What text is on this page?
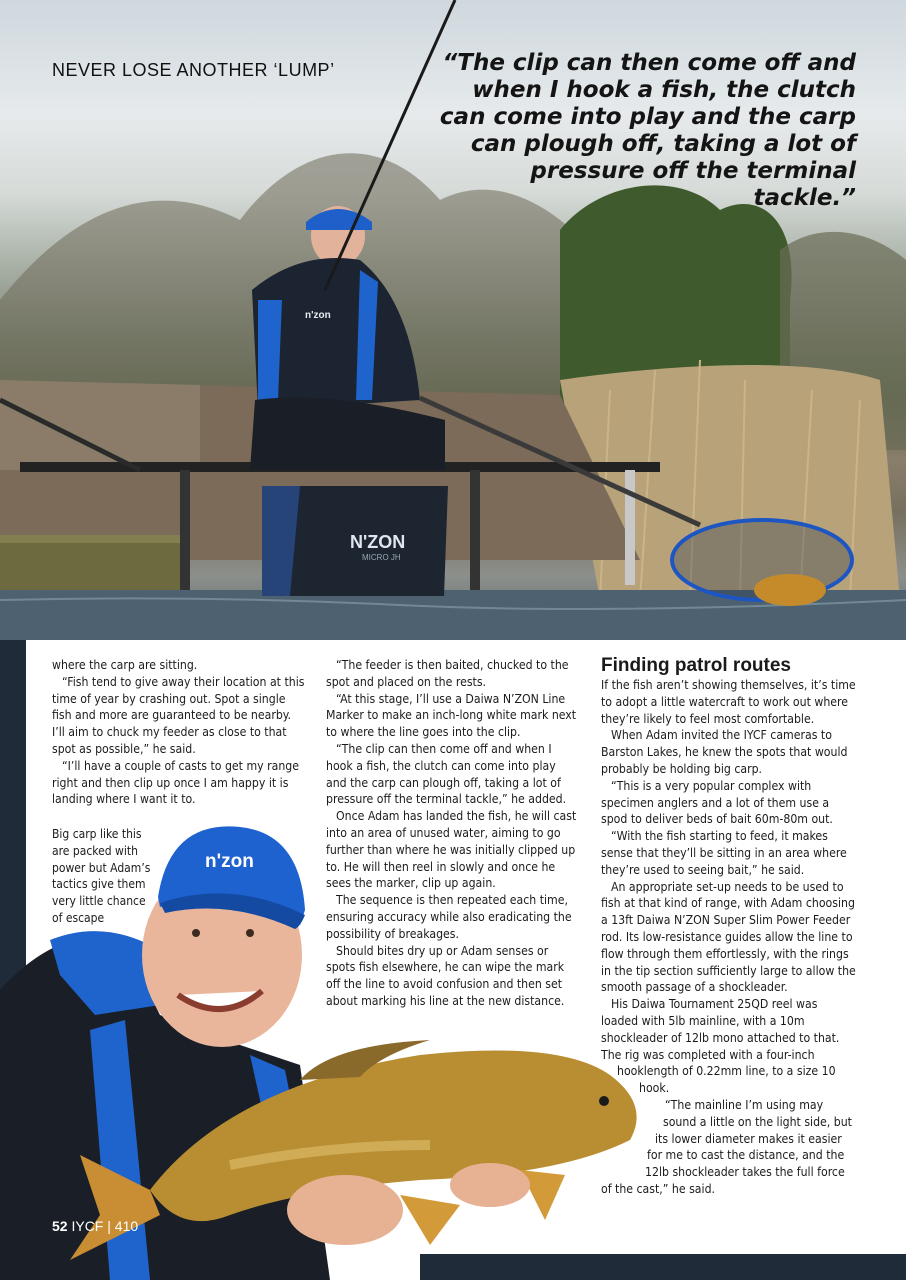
N'ZON
MICRO JH
n'zon
NEVER LOSE ANOTHER ‘LUMP’	“The clip can then come off and when I hook a fish, the clutch can come into play and the carp can plough off, taking a lot of pressure off the terminal tackle.”

where the carp are sitting.

“Fish tend to give away their location at this time of year by crashing out. Spot a single fish and more are guaranteed to be nearby. I’ll aim to chuck my feeder as close to that spot as possible,” he said.

“I’ll have a couple of casts to get my range right and then clip up once I am happy it is landing where I want it to.

n'zon
Big carp like this are packed with power but Adam’s tactics give them very little chance of escape

“The feeder is then baited, chucked to the spot and placed on the rests.

“At this stage, I’ll use a Daiwa N’ZON Line Marker to make an inch-long white mark next to where the line goes into the clip.

“The clip can then come off and when I hook a fish, the clutch can come into play and the carp can plough off, taking a lot of pressure off the terminal tackle,” he added.

Once Adam has landed the fish, he will cast into an area of unused water, aiming to go further than where he was initially clipped up to. He will then reel in slowly and once he sees the marker, clip up again.

The sequence is then repeated each time, ensuring accuracy while also eradicating the possibility of breakages.

Should bites dry up or Adam senses or spots fish elsewhere, he can wipe the mark off the line to avoid confusion and then set about marking his line at the new distance.

Finding patrol routes

If the fish aren’t showing themselves, it’s time to adopt a little watercraft to work out where they’re likely to feel most comfortable.

When Adam invited the IYCF cameras to Barston Lakes, he knew the spots that would probably be holding big carp.

“This is a very popular complex with specimen anglers and a lot of them use a spod to deliver beds of bait 60m-80m out.

“With the fish starting to feed, it makes sense that they’ll be sitting in an area where they’re used to seeing bait,” he said.

An appropriate set-up needs to be used to fish at that kind of range, with Adam choosing a 13ft Daiwa N’ZON Super Slim Power Feeder rod. Its low-resistance guides allow the line to flow through them effortlessly, with the rings in the tip section sufficiently large to allow the smooth passage of a shockleader.

His Daiwa Tournament 25QD reel was loaded with 5lb mainline, with a 10m shockleader of 12lb mono attached to that. The rig was completed with a four-inch

hooklength of 0.22mm line, to a size 10
hook.
“The mainline I’m using may
sound a little on the light side, but
its lower diameter makes it easier
for me to cast the distance, and the
12lb shockleader takes the full force
of the cast,” he said.
52 IYCF | 410
